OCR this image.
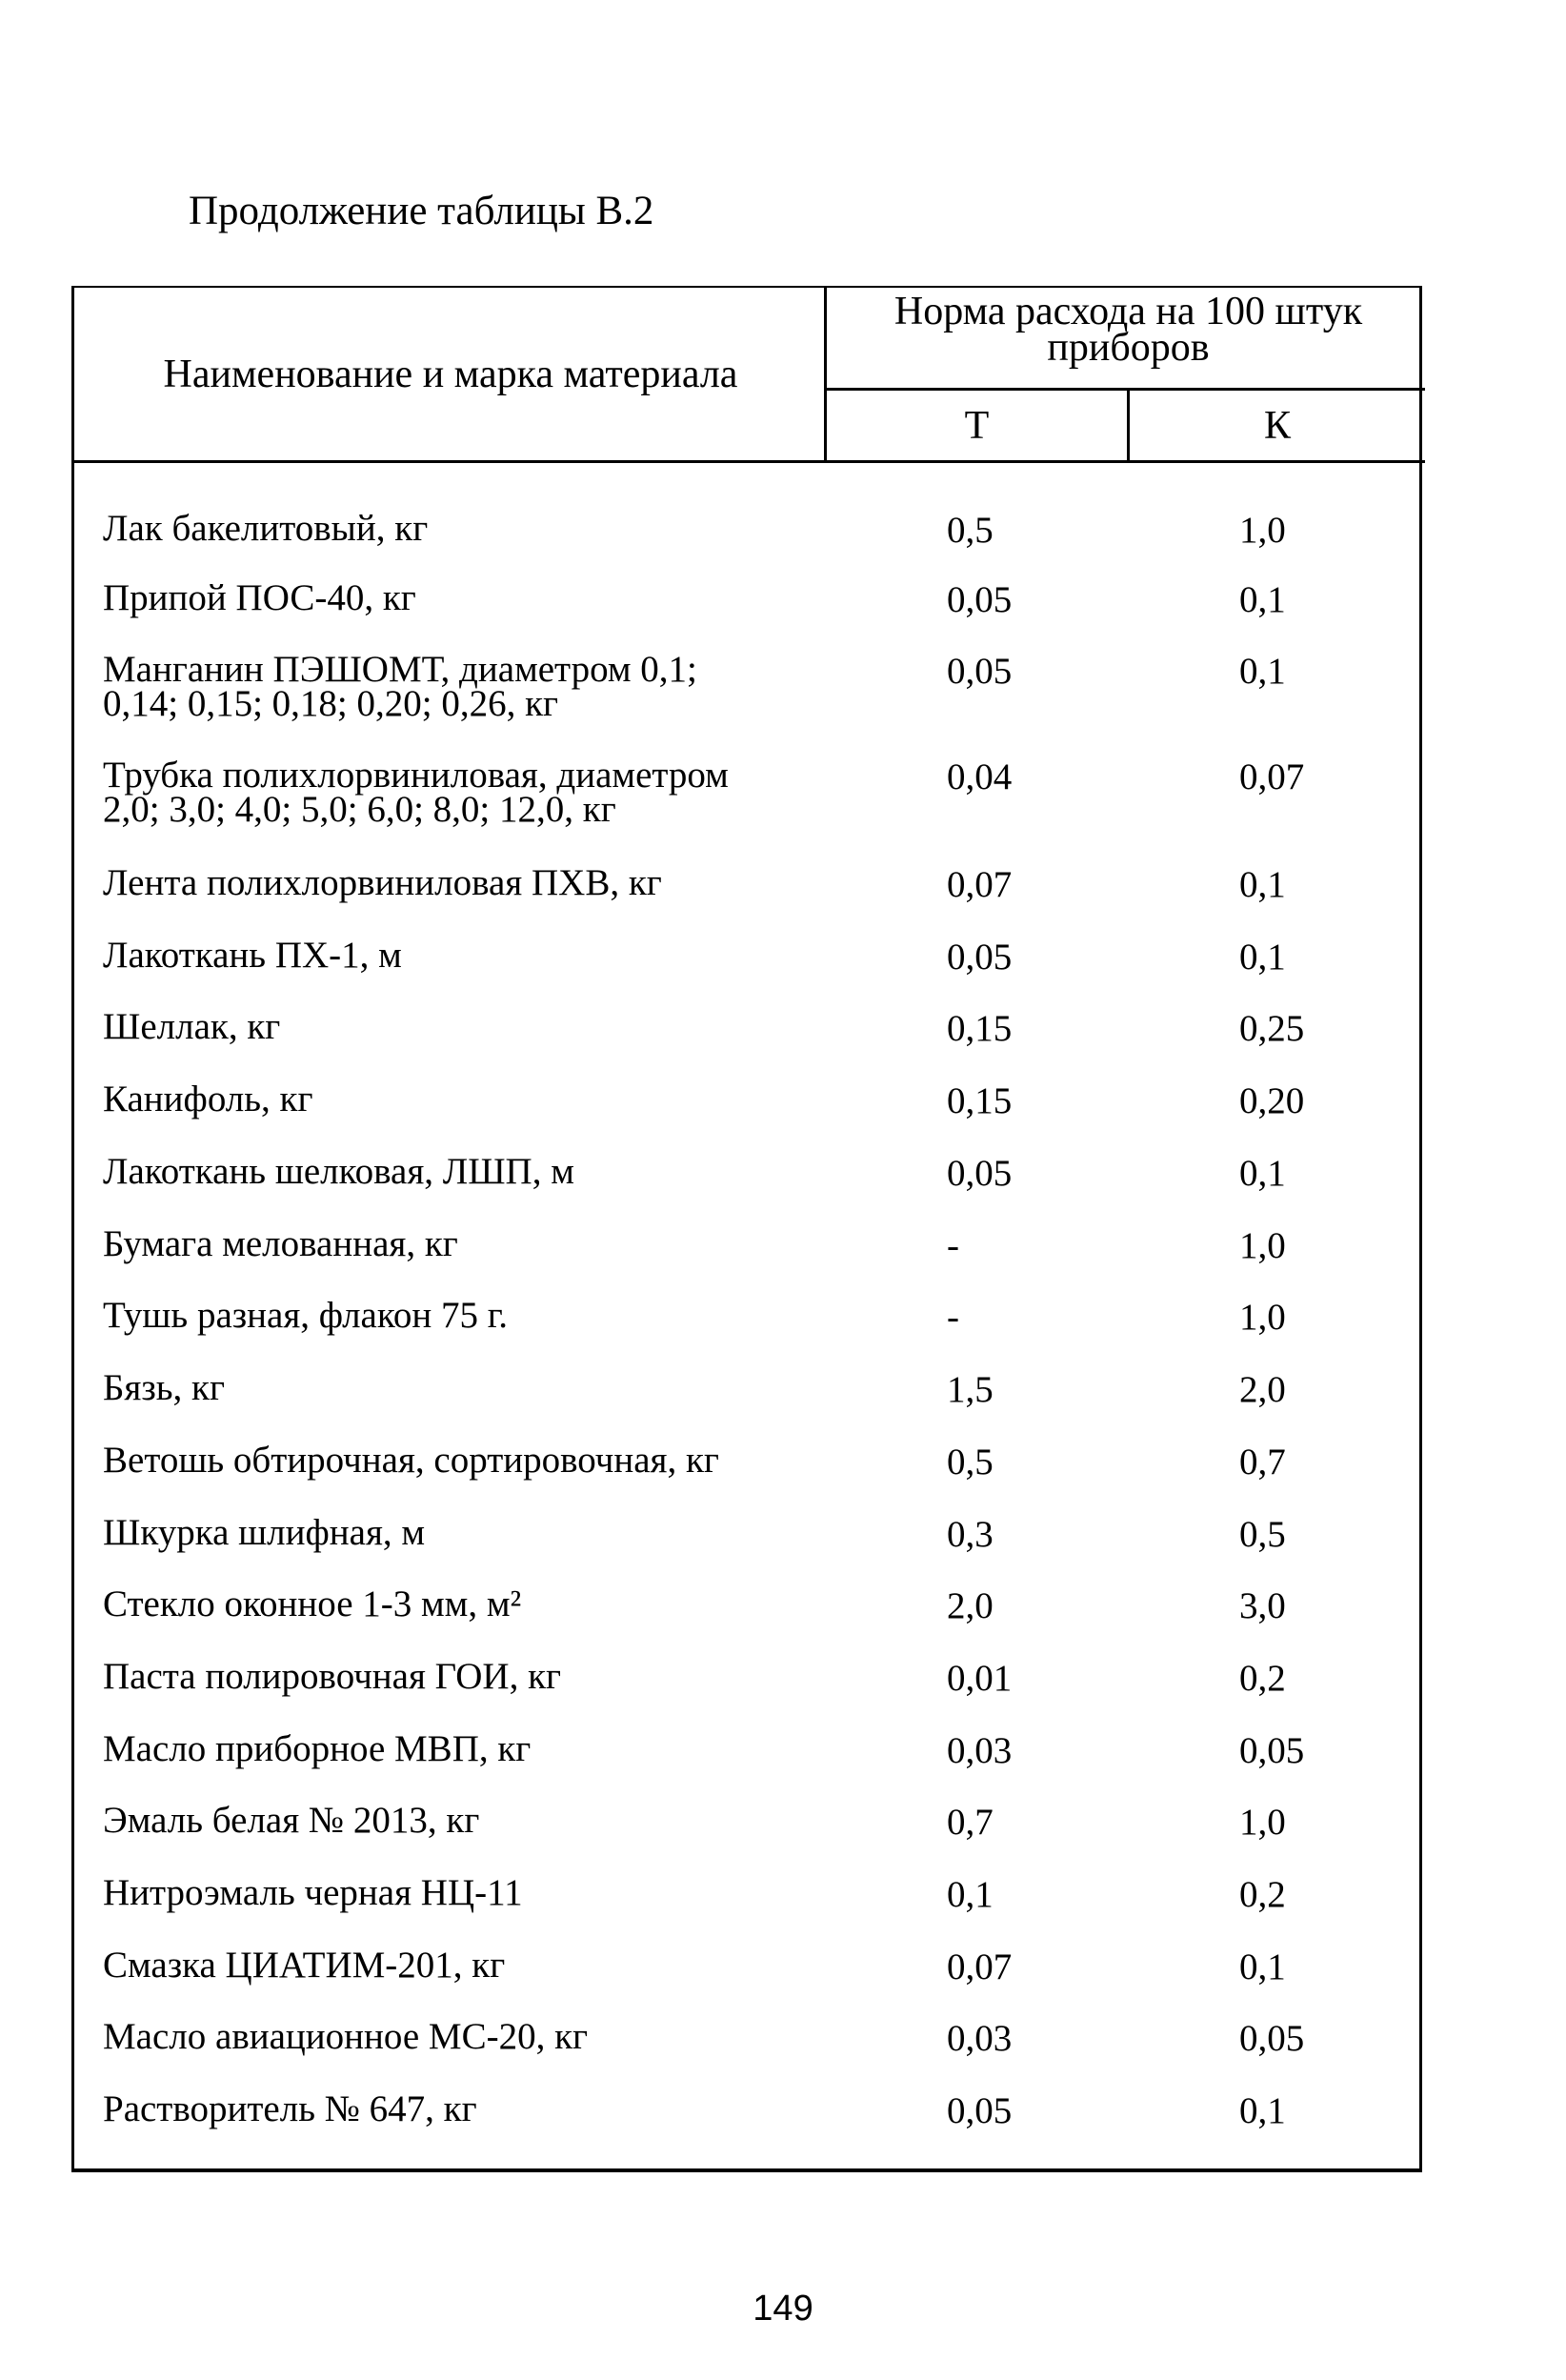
Продолжение таблицы В.2
Наименование и марка материала
Норма расхода на 100 штук приборов
Т	К
Лак бакелитовый, кг	0,5	1,0
Припой ПОС-40, кг	0,05	0,1
Манганин ПЭШОМТ, диаметром 0,1;
0,14; 0,15; 0,18; 0,20; 0,26, кг
0,05	0,1
Трубка полихлорвиниловая, диаметром
2,0; 3,0; 4,0; 5,0; 6,0; 8,0; 12,0, кг
0,04	0,07
Лента полихлорвиниловая ПХВ, кг	0,07	0,1
Лакоткань ПХ-1, м	0,05	0,1
Шеллак, кг	0,15	0,25
Канифоль, кг	0,15	0,20
Лакоткань шелковая, ЛШП, м	0,05	0,1
Бумага мелованная, кг	-	1,0
Тушь разная, флакон 75 г.	-	1,0
Бязь, кг	1,5	2,0
Ветошь обтирочная, сортировочная, кг	0,5	0,7
Шкурка шлифная, м	0,3	0,5
Стекло оконное 1-3 мм, м²	2,0	3,0
Паста полировочная ГОИ, кг	0,01	0,2
Масло приборное МВП, кг	0,03	0,05
Эмаль белая № 2013, кг	0,7	1,0
Нитроэмаль черная НЦ-11	0,1	0,2
Смазка ЦИАТИМ-201, кг	0,07	0,1
Масло авиационное МС-20, кг	0,03	0,05
Растворитель № 647, кг	0,05	0,1
149
